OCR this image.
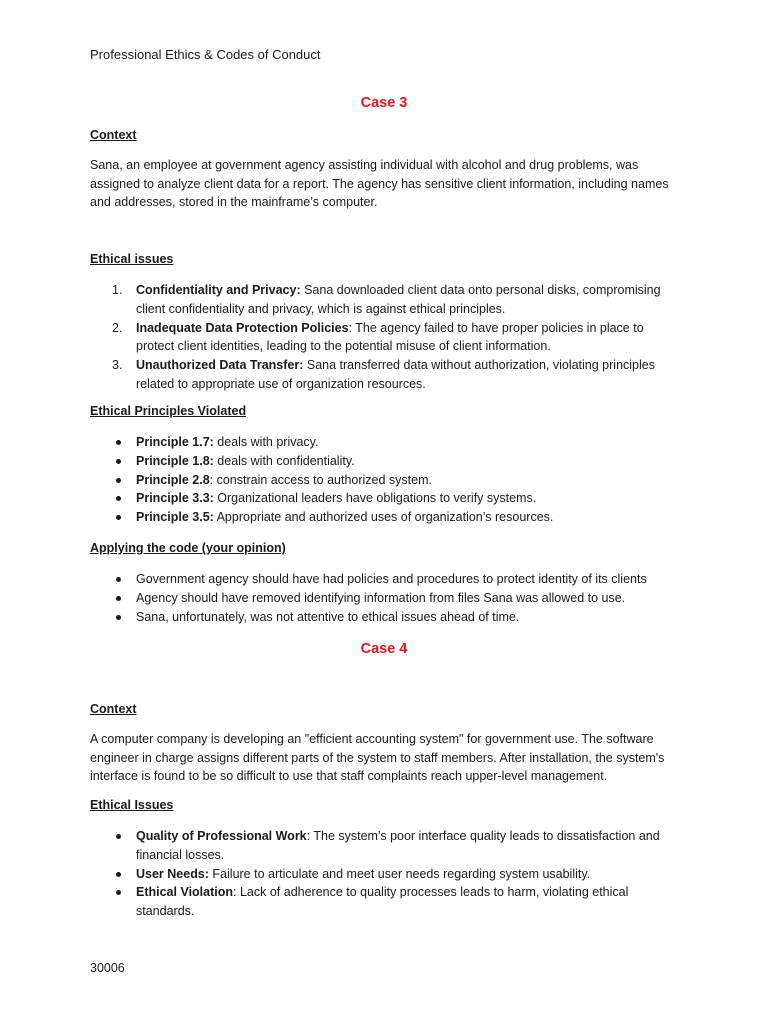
Professional Ethics & Codes of Conduct
Case 3
Context
Sana, an employee at government agency assisting individual with alcohol and drug problems, was assigned to analyze client data for a report. The agency has sensitive client information, including names and addresses, stored in the mainframe’s computer.
Ethical issues
1.	Confidentiality and Privacy: Sana downloaded client data onto personal disks, compromising client confidentiality and privacy, which is against ethical principles.
2.	Inadequate Data Protection Policies: The agency failed to have proper policies in place to protect client identities, leading to the potential misuse of client information.
3.	Unauthorized Data Transfer: Sana transferred data without authorization, violating principles related to appropriate use of organization resources.
Ethical Principles Violated
Principle 1.7: deals with privacy.
Principle 1.8: deals with confidentiality.
Principle 2.8: constrain access to authorized system.
Principle 3.3: Organizational leaders have obligations to verify systems.
Principle 3.5: Appropriate and authorized uses of organization’s resources.
Applying the code (your opinion)
Government agency should have had policies and procedures to protect identity of its clients
Agency should have removed identifying information from files Sana was allowed to use.
Sana, unfortunately, was not attentive to ethical issues ahead of time.
Case 4
Context
A computer company is developing an "efficient accounting system" for government use. The software engineer in charge assigns different parts of the system to staff members. After installation, the system's interface is found to be so difficult to use that staff complaints reach upper-level management.
Ethical Issues
Quality of Professional Work: The system's poor interface quality leads to dissatisfaction and financial losses.
User Needs: Failure to articulate and meet user needs regarding system usability.
Ethical Violation: Lack of adherence to quality processes leads to harm, violating ethical standards.
30006
